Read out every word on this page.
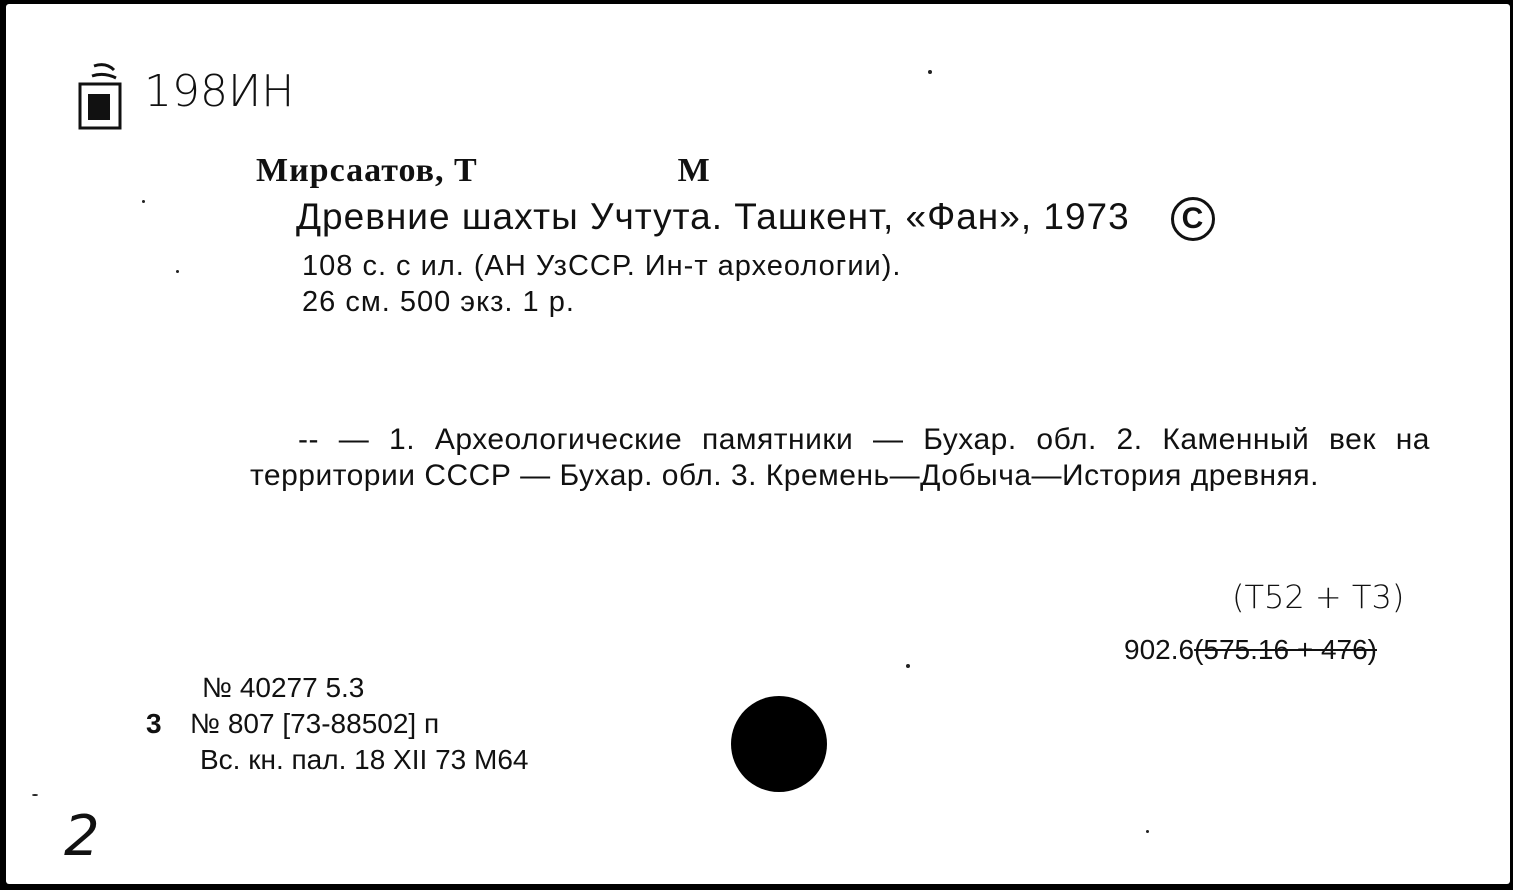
198ИН
Мирсаатов, Т	М
Древние шахты Учтута. Ташкент, «Фан», 1973 С
108 с. с ил. (АН УзССР. Ин-т археологии).
26 см. 500 экз. 1 р.
-- — 1. Археологические памятники — Бухар. обл. 2. Каменный век на территории СССР — Бухар. обл. 3. Кремень—Добыча—История древняя.
(Т52 + Т3)
902.6(575.16 + 476)
№ 40277 5.3
3 № 807 [73-88502] п
Вс. кн. пал. 18 XII 73 М64
2
